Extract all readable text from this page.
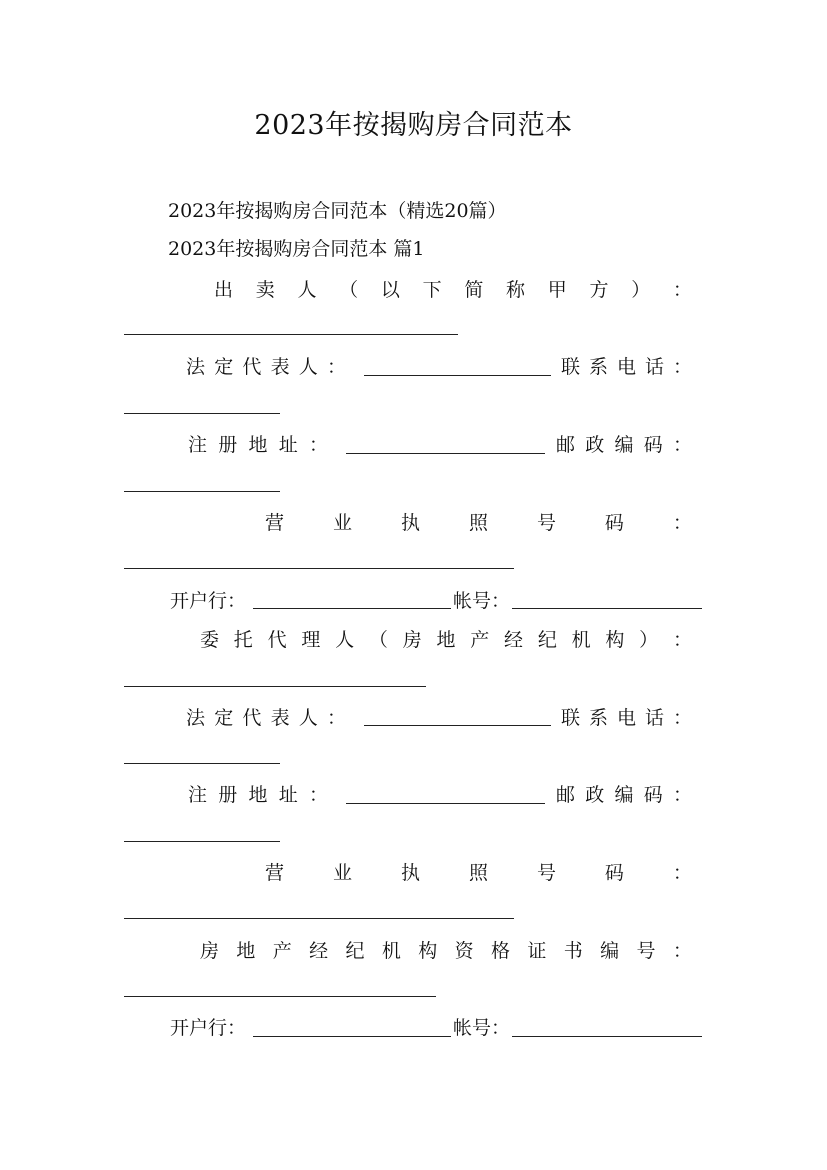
2023年按揭购房合同范本
2023年按揭购房合同范本（精选20篇）
2023年按揭购房合同范本 篇1
出 卖 人 （ 以 下 简 称 甲 方 ） ：
法 定 代 表 人 ：	联 系 电 话 ：
注 册 地 址 ：	邮 政 编 码 ：
营	业	执	照	号	码	：
开户行：	帐号：
委 托 代 理 人 （ 房 地 产 经 纪 机 构 ） ：
法 定 代 表 人 ：	联 系 电 话 ：
注 册 地 址 ：	邮 政 编 码 ：
营	业	执	照	号	码	：
房 地 产 经 纪 机 构 资 格 证 书 编 号 ：
开户行：	帐号：
